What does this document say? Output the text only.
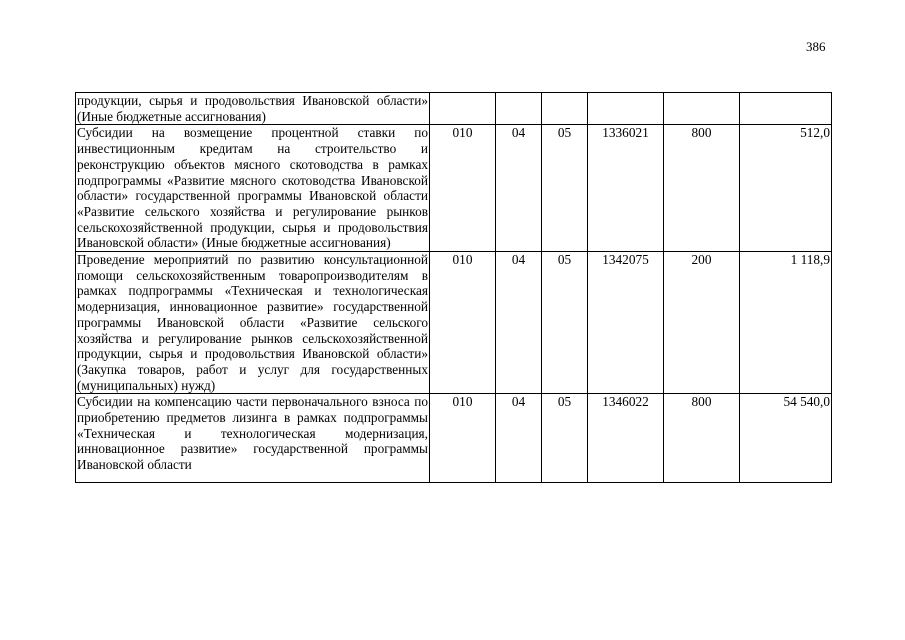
386
продукции, сырья и продовольствия Ивановской области» (Иные бюджетные ассигнования)						
Субсидии на возмещение процентной ставки по инвестиционным кредитам на строительство и реконструкцию объектов мясного скотоводства в рамках подпрограммы «Развитие мясного скотоводства Ивановской области» государственной программы Ивановской области «Развитие сельского хозяйства и регулирование рынков сельскохозяйственной продукции, сырья и продовольствия Ивановской области» (Иные бюджетные ассигнования)	010	04	05	1336021	800	512,0
Проведение мероприятий по развитию консультационной помощи сельскохозяйственным товаропроизводителям в рамках подпрограммы «Техническая и технологическая модернизация, инновационное развитие» государственной программы Ивановской области «Развитие сельского хозяйства и регулирование рынков сельскохозяйственной продукции, сырья и продовольствия Ивановской области» (Закупка товаров, работ и услуг для государственных (муниципальных) нужд)	010	04	05	1342075	200	1 118,9

Субсидии на компенсацию части первоначального взноса по приобретению предметов лизинга в рамках подпрограммы «Техническая и технологическая модернизация, инновационное развитие» государственной программы Ивановской области	010	04	05	1346022	800	54 540,0
